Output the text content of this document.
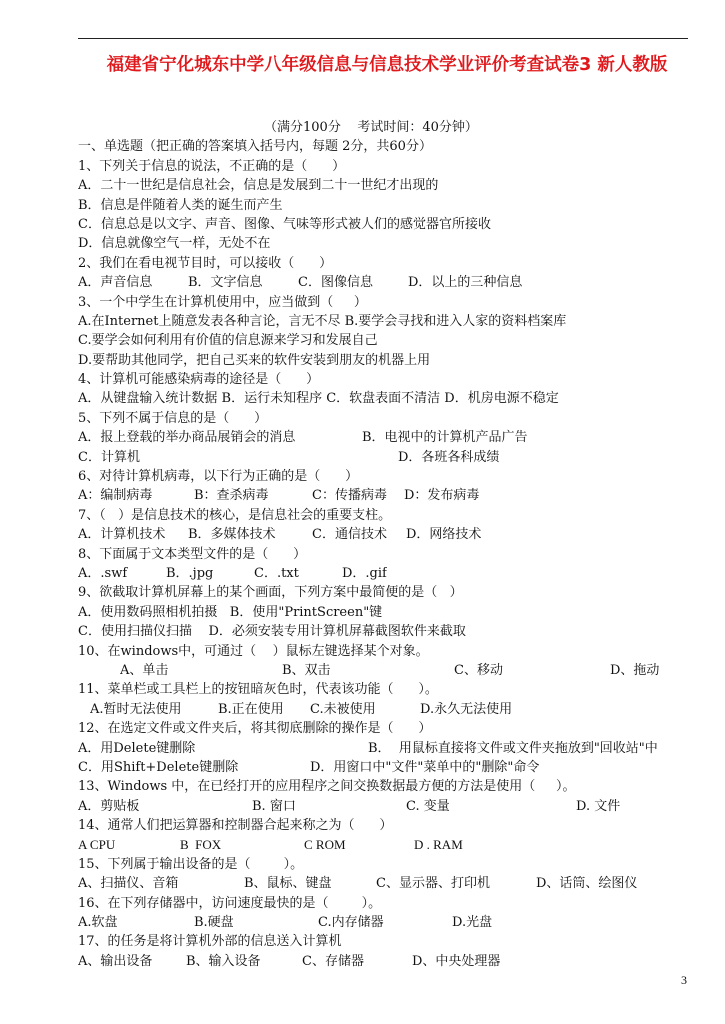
福建省宁化城东中学八年级信息与信息技术学业评价考查试卷3 新人教版
（满分100分    考试时间：40分钟）
一、单选题（把正确的答案填入括号内，每题 2分，共60分）
1、下列关于信息的说法，不正确的是（      ）
A．二十一世纪是信息社会，信息是发展到二十一世纪才出现的
B．信息是伴随着人类的诞生而产生
C．信息总是以文字、声音、图像、气味等形式被人们的感觉器官所接收
D．信息就像空气一样，无处不在
2、我们在看电视节目时，可以接收（      ）
A．声音信息	B．文字信息	C．图像信息	D．以上的三种信息
3、一个中学生在计算机使用中，应当做到（     ）
A.在Internet上随意发表各种言论，言无不尽 B.要学会寻找和进入人家的资料档案库
C.要学会如何利用有价值的信息源来学习和发展自己
D.要帮助其他同学，把自己买来的软件安装到朋友的机器上用
4、计算机可能感染病毒的途径是（      ）
A．从键盘输入统计数据 B．运行未知程序 C．软盘表面不清洁 D．机房电源不稳定
5、下列不属于信息的是（      ）
A．报上登载的举办商品展销会的消息	B．电视中的计算机产品广告
C．计算机	D．各班各科成绩
6、对待计算机病毒，以下行为正确的是（      ）
A：编制病毒	B：查杀病毒	C：传播病毒	D：发布病毒
7、（   ）是信息技术的核心，是信息社会的重要支柱。
A．计算机技术	B．多媒体技术	C．通信技术	D．网络技术
8、下面属于文本类型文件的是（      ）
A．.swf	B．.jpg	C．.txt	D．.gif
9、欲截取计算机屏幕上的某个画面，下列方案中最简便的是（   ）
A．使用数码照相机拍摄   B．使用"PrintScreen"键
C．使用扫描仪扫描    D．必须安装专用计算机屏幕截图软件来截取
10、在windows中，可通过（    ）鼠标左键选择某个对象。
A、单击	B、双击	C、移动	D、拖动
11、菜单栏或工具栏上的按钮暗灰色时，代表该功能（      ）。
A.暂时无法使用	B.正在使用	C.未被使用	D.永久无法使用
12、在选定文件或文件夹后，将其彻底删除的操作是（      ）
A．用Delete键删除	B．  用鼠标直接将文件或文件夹拖放到"回收站"中
C．用Shift+Delete键删除	D．用窗口中"文件"菜单中的"删除"命令
13、Windows 中，在已经打开的应用程序之间交换数据最方便的方法是使用（     ）。
A．剪贴板	B. 窗口	C. 变量	D. 文件
14、通常人们把运算器和控制器合起来称之为（      ）
A CPU	B  FOX	C ROM	D . RAM
15、下列属于输出设备的是（        ）。
A、扫描仪、音箱	B、鼠标、键盘	C、显示器、打印机	D、话筒、绘图仪
16、在下列存储器中，访问速度最快的是（        ）。
A.软盘	B.硬盘	C.内存储器	D.光盘
17、的任务是将计算机外部的信息送入计算机
A、输出设备	B、输入设备	C、存储器	D、中央处理器
3
